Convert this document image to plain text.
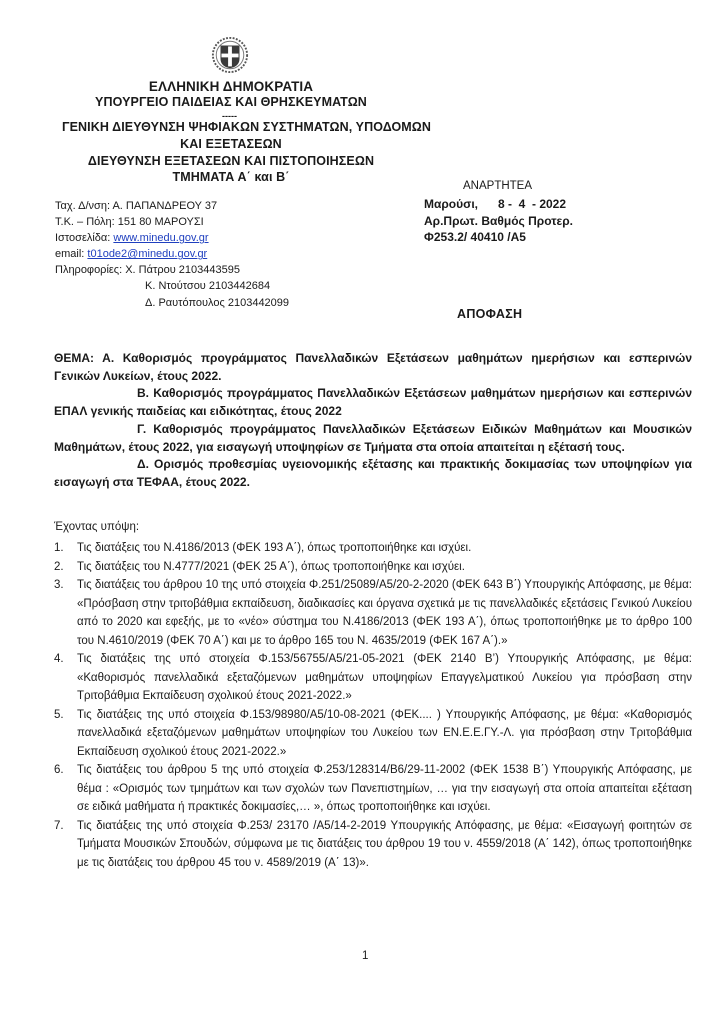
ΕΛΛΗΝΙΚΗ ΔΗΜΟΚΡΑΤΙΑ
ΥΠΟΥΡΓΕΙΟ ΠΑΙΔΕΙΑΣ ΚΑΙ ΘΡΗΣΚΕΥΜΑΤΩΝ
-----
ΓΕΝΙΚΗ ΔΙΕΥΘΥΝΣΗ ΨΗΦΙΑΚΩΝ ΣΥΣΤΗΜΑΤΩΝ, ΥΠΟΔΟΜΩΝ
ΚΑΙ ΕΞΕΤΑΣΕΩΝ
ΔΙΕΥΘΥΝΣΗ ΕΞΕΤΑΣΕΩΝ ΚΑΙ ΠΙΣΤΟΠΟΙΗΣΕΩΝ
ΤΜΗΜΑΤΑ Α΄ και Β΄
Ταχ. Δ/νση: Α. ΠΑΠΑΝΔΡΕΟΥ 37
Τ.Κ. – Πόλη: 151 80 ΜΑΡΟΥΣΙ
Ιστοσελίδα: www.minedu.gov.gr
email: t01ode2@minedu.gov.gr
Πληροφορίες: Χ. Πάτρου 2103443595
Κ. Ντούτσου 2103442684
Δ. Ραυτόπουλος 2103442099
ΑΝΑΡΤΗΤΕΑ
Μαρούσι,      8 -  4  - 2022
Αρ.Πρωτ. Βαθμός Προτερ.
Φ253.2/ 40410 /Α5
ΑΠΟΦΑΣΗ

ΘΕΜΑ: Α. Καθορισμός προγράμματος Πανελλαδικών Εξετάσεων μαθημάτων ημερήσιων και εσπερινών Γενικών Λυκείων, έτους 2022.

Β. Καθορισμός προγράμματος Πανελλαδικών Εξετάσεων μαθημάτων ημερήσιων και εσπερινών ΕΠΑΛ γενικής παιδείας και ειδικότητας, έτους 2022

Γ. Καθορισμός προγράμματος Πανελλαδικών Εξετάσεων Ειδικών Μαθημάτων και Μουσικών Μαθημάτων, έτους 2022, για εισαγωγή υποψηφίων σε Τμήματα στα οποία απαιτείται η εξέτασή τους.

Δ. Ορισμός προθεσμίας υγειονομικής εξέτασης και πρακτικής δοκιμασίας των υποψηφίων για εισαγωγή στα ΤΕΦΑΑ, έτους 2022.

Έχοντας υπόψη:
1. Τις διατάξεις του Ν.4186/2013 (ΦΕΚ 193 Α΄), όπως τροποποιήθηκε και ισχύει.
2. Τις διατάξεις του Ν.4777/2021 (ΦΕΚ 25 Α΄), όπως τροποποιήθηκε και ισχύει.
3. Τις διατάξεις του άρθρου 10 της υπό στοιχεία Φ.251/25089/Α5/20-2-2020 (ΦΕΚ 643 Β΄) Υπουργικής Απόφασης, με θέμα: «Πρόσβαση στην τριτοβάθμια εκπαίδευση, διαδικασίες και όργανα σχετικά με τις πανελλαδικές εξετάσεις Γενικού Λυκείου από το 2020 και εφεξής, με το «νέο» σύστημα του Ν.4186/2013 (ΦΕΚ 193 Α΄), όπως τροποποιήθηκε με το άρθρο 100 του Ν.4610/2019 (ΦΕΚ 70 Α΄) και με το άρθρο 165 του Ν. 4635/2019 (ΦΕΚ 167 Α΄).»
4. Τις διατάξεις της υπό στοιχεία Φ.153/56755/Α5/21-05-2021 (ΦΕΚ 2140 Β’) Υπουργικής Απόφασης, με θέμα: «Καθορισμός πανελλαδικά εξεταζόμενων μαθημάτων υποψηφίων Επαγγελματικού Λυκείου για πρόσβαση στην Τριτοβάθμια Εκπαίδευση σχολικού έτους 2021-2022.»
5. Τις διατάξεις της υπό στοιχεία Φ.153/98980/Α5/10-08-2021 (ΦΕΚ.... ) Υπουργικής Απόφασης, με θέμα: «Καθορισμός πανελλαδικά εξεταζόμενων μαθημάτων υποψηφίων του Λυκείου των ΕΝ.Ε.Ε.ΓΥ.-Λ. για πρόσβαση στην Τριτοβάθμια Εκπαίδευση σχολικού έτους 2021-2022.»
6. Τις διατάξεις του άρθρου 5 της υπό στοιχεία Φ.253/128314/Β6/29-11-2002 (ΦΕΚ 1538 Β΄) Υπουργικής Απόφασης, με θέμα : «Ορισμός των τμημάτων και των σχολών των Πανεπιστημίων, … για την εισαγωγή στα οποία απαιτείται εξέταση σε ειδικά μαθήματα ή πρακτικές δοκιμασίες,… », όπως τροποποιήθηκε και ισχύει.
7. Τις διατάξεις της υπό στοιχεία Φ.253/ 23170 /Α5/14-2-2019 Υπουργικής Απόφασης, με θέμα: «Εισαγωγή φοιτητών σε Τμήματα Μουσικών Σπουδών, σύμφωνα με τις διατάξεις του άρθρου 19 του ν. 4559/2018 (Α΄ 142), όπως τροποποιήθηκε με τις διατάξεις του άρθρου 45 του ν. 4589/2019 (Α΄ 13)».
1
